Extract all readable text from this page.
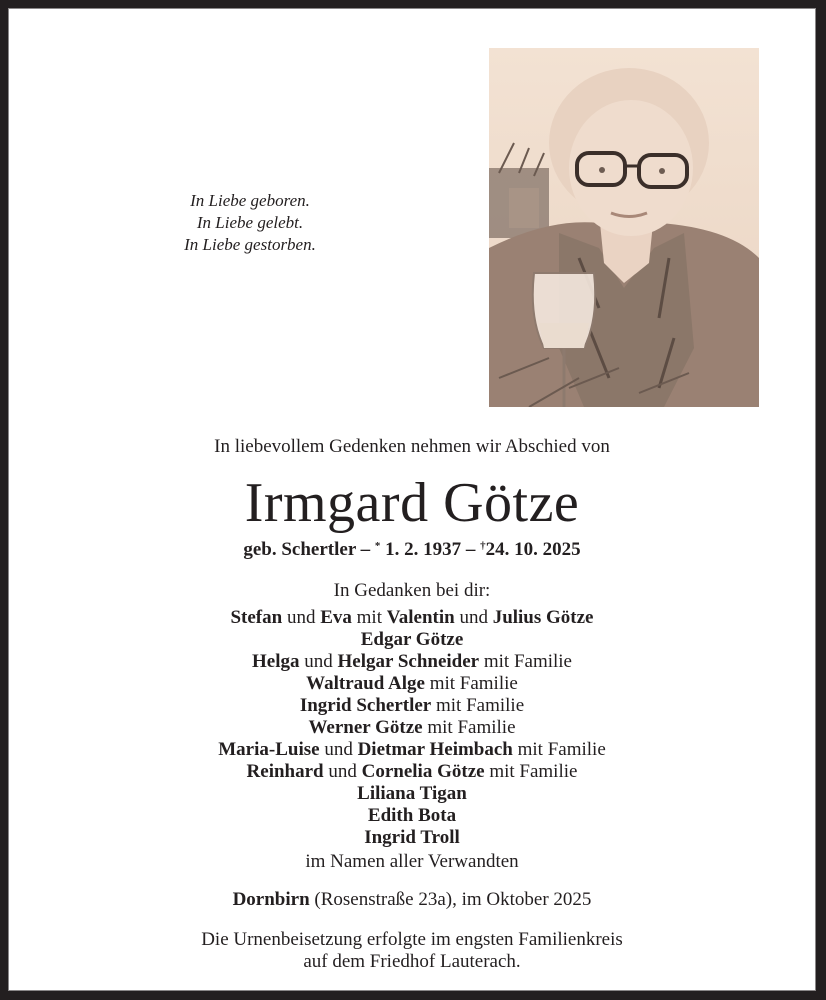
In Liebe geboren.
In Liebe gelebt.
In Liebe gestorben.
In liebevollem Gedenken nehmen wir Abschied von
Irmgard Götze
geb. Schertler – * 1. 2. 1937 – †24. 10. 2025
In Gedanken bei dir:
Stefan und Eva mit Valentin und Julius Götze
Edgar Götze
Helga und Helgar Schneider mit Familie
Waltraud Alge mit Familie
Ingrid Schertler mit Familie
Werner Götze mit Familie
Maria-Luise und Dietmar Heimbach mit Familie
Reinhard und Cornelia Götze mit Familie
Liliana Tigan
Edith Bota
Ingrid Troll
im Namen aller Verwandten
Dornbirn (Rosenstraße 23a), im Oktober 2025
Die Urnenbeisetzung erfolgte im engsten Familienkreis
auf dem Friedhof Lauterach.
